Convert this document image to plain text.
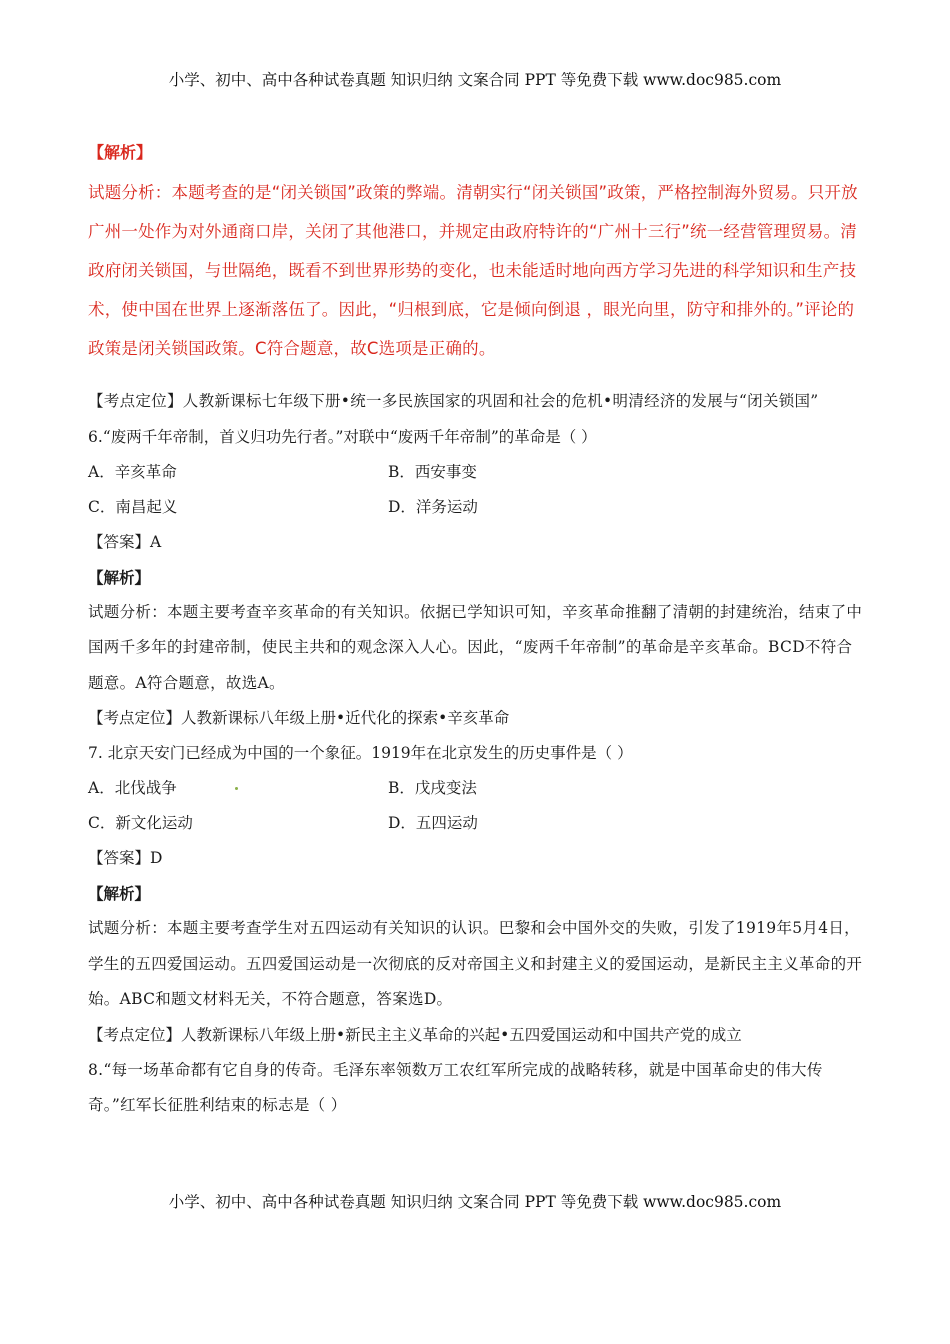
小学、初中、高中各种试卷真题 知识归纳 文案合同 PPT 等免费下载 www.doc985.com
【解析】
试题分析：本题考查的是“闭关锁国”政策的弊端。清朝实行“闭关锁国”政策，严格控制海外贸易。只开放广州一处作为对外通商口岸，关闭了其他港口，并规定由政府特许的“广州十三行”统一经营管理贸易。清政府闭关锁国，与世隔绝，既看不到世界形势的变化，也未能适时地向西方学习先进的科学知识和生产技术，使中国在世界上逐渐落伍了。因此，“归根到底，它是倾向倒退 ，眼光向里，防守和排外的。”评论的政策是闭关锁国政策。C符合题意，故C选项是正确的。

【考点定位】人教新课标七年级下册•统一多民族国家的巩固和社会的危机•明清经济的发展与“闭关锁国”

6.“废两千年帝制，首义归功先行者。”对联中“废两千年帝制”的革命是（ ）

A．辛亥革命	B．西安事变
C．南昌起义	D．洋务运动

【答案】A

【解析】

试题分析：本题主要考查辛亥革命的有关知识。依据已学知识可知，辛亥革命推翻了清朝的封建统治，结束了中国两千多年的封建帝制，使民主共和的观念深入人心。因此，“废两千年帝制”的革命是辛亥革命。BCD不符合题意。A符合题意，故选A。

【考点定位】人教新课标八年级上册•近代化的探索•辛亥革命

7. 北京天安门已经成为中国的一个象征。1919年在北京发生的历史事件是（ ）

A．北伐战争	B．戊戌变法
C．新文化运动	D．五四运动

【答案】D

【解析】

试题分析：本题主要考查学生对五四运动有关知识的认识。巴黎和会中国外交的失败，引发了1919年5月4日，学生的五四爱国运动。五四爱国运动是一次彻底的反对帝国主义和封建主义的爱国运动，是新民主主义革命的开始。ABC和题文材料无关，不符合题意，答案选D。

【考点定位】人教新课标八年级上册•新民主主义革命的兴起•五四爱国运动和中国共产党的成立

8.“每一场革命都有它自身的传奇。毛泽东率领数万工农红军所完成的战略转移，就是中国革命史的伟大传奇。”红军长征胜利结束的标志是（ ）

小学、初中、高中各种试卷真题 知识归纳 文案合同 PPT 等免费下载 www.doc985.com
